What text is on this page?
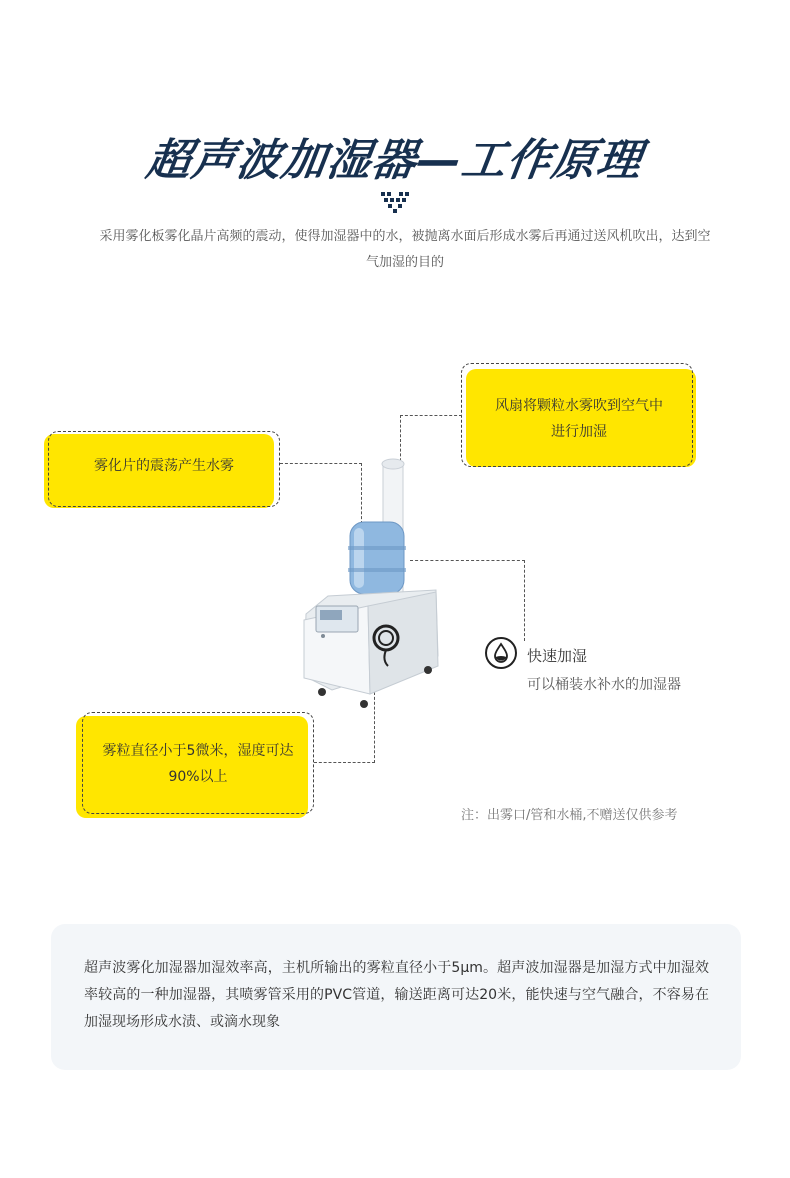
超声波加湿器—工作原理
采用雾化板雾化晶片高频的震动，使得加湿器中的水，被抛离水面后形成水雾后再通过送风机吹出，达到空气加湿的目的
风扇将颗粒水雾吹到空气中进行加湿
雾化片的震荡产生水雾
雾粒直径小于5微米，湿度可达90%以上
快速加湿
可以桶装水补水的加湿器
注：出雾口/管和水桶,不赠送仅供参考
超声波雾化加湿器加湿效率高，主机所输出的雾粒直径小于5μm。超声波加湿器是加湿方式中加湿效率较高的一种加湿器，其喷雾管采用的PVC管道，输送距离可达20米，能快速与空气融合，不容易在加湿现场形成水渍、或滴水现象
